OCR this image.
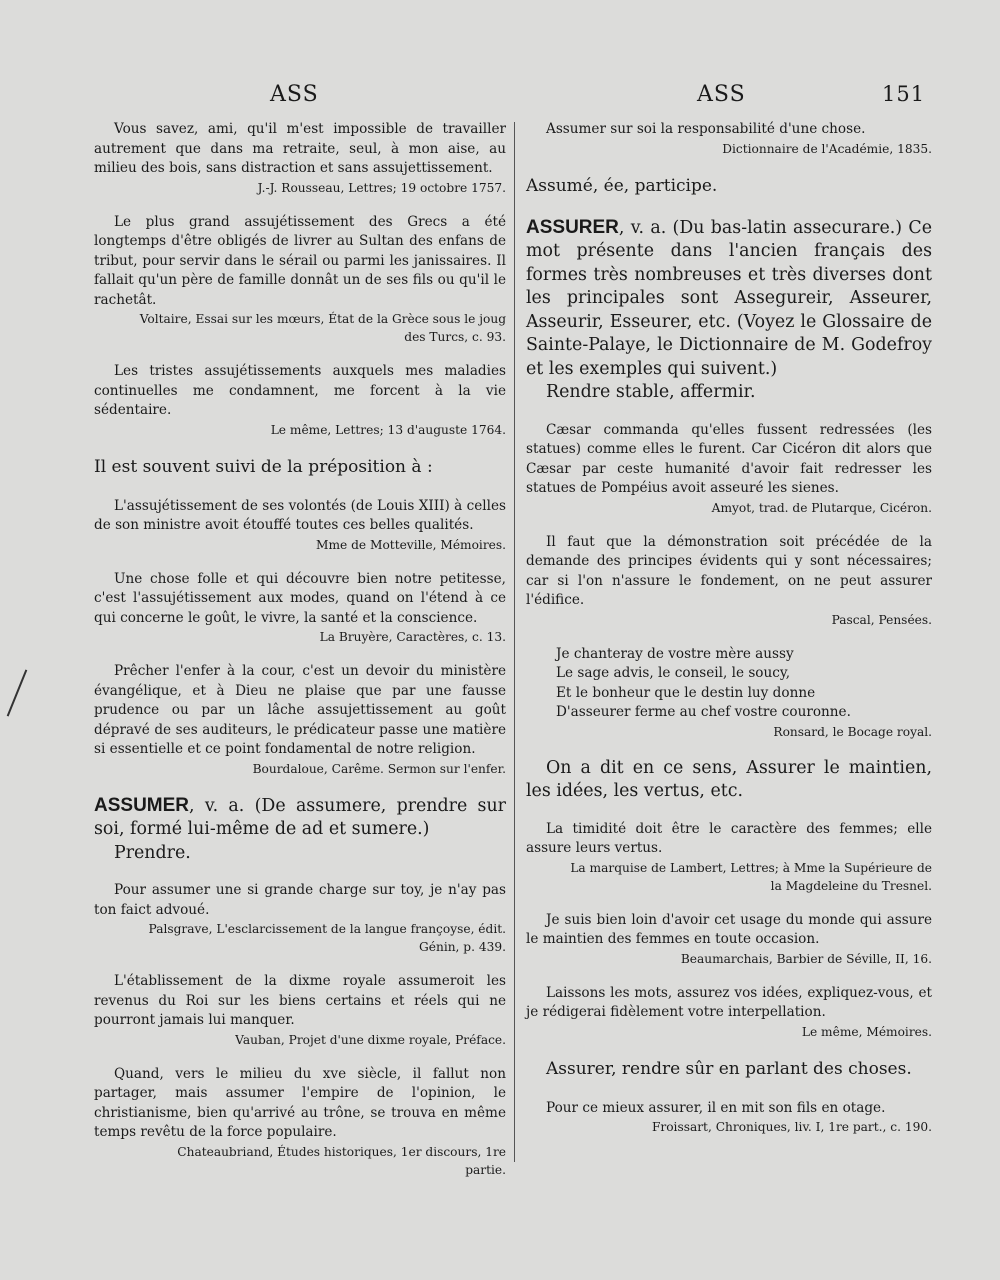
ASS	ASS	151

Vous savez, ami, qu'il m'est impossible de travailler autrement que dans ma retraite, seul, à mon aise, au milieu des bois, sans distraction et sans assujettissement.

J.-J. Rousseau, Lettres; 19 octobre 1757.

Le plus grand assujétissement des Grecs a été longtemps d'être obligés de livrer au Sultan des enfans de tribut, pour servir dans le sérail ou parmi les janissaires. Il fallait qu'un père de famille donnât un de ses fils ou qu'il le rachetât.

Voltaire, Essai sur les mœurs, État de la Grèce sous le joug des Turcs, c. 93.

Les tristes assujétissements auxquels mes maladies continuelles me condamnent, me forcent à la vie sédentaire.

Le même, Lettres; 13 d'auguste 1764.

Il est souvent suivi de la préposition à :

L'assujétissement de ses volontés (de Louis XIII) à celles de son ministre avoit étouffé toutes ces belles qualités.

Mme de Motteville, Mémoires.

Une chose folle et qui découvre bien notre petitesse, c'est l'assujétissement aux modes, quand on l'étend à ce qui concerne le goût, le vivre, la santé et la conscience.

La Bruyère, Caractères, c. 13.

Prêcher l'enfer à la cour, c'est un devoir du ministère évangélique, et à Dieu ne plaise que par une fausse prudence ou par un lâche assujettissement au goût dépravé de ses auditeurs, le prédicateur passe une matière si essentielle et ce point fondamental de notre religion.

Bourdaloue, Carême. Sermon sur l'enfer.

ASSUMER, v. a. (De assumere, prendre sur soi, formé lui-même de ad et sumere.)

Prendre.

Pour assumer une si grande charge sur toy, je n'ay pas ton faict advoué.

Palsgrave, L'esclarcissement de la langue françoyse, édit. Génin, p. 439.

L'établissement de la dixme royale assumeroit les revenus du Roi sur les biens certains et réels qui ne pourront jamais lui manquer.

Vauban, Projet d'une dixme royale, Préface.

Quand, vers le milieu du xve siècle, il fallut non partager, mais assumer l'empire de l'opinion, le christianisme, bien qu'arrivé au trône, se trouva en même temps revêtu de la force populaire.

Chateaubriand, Études historiques, 1er discours, 1re partie.

Assumer sur soi la responsabilité d'une chose.

Dictionnaire de l'Académie, 1835.

Assumé, ée, participe.

ASSURER, v. a. (Du bas-latin assecurare.) Ce mot présente dans l'ancien français des formes très nombreuses et très diverses dont les principales sont Assegureir, Asseurer, Asseurir, Esseurer, etc. (Voyez le Glossaire de Sainte-Palaye, le Dictionnaire de M. Godefroy et les exemples qui suivent.)

Rendre stable, affermir.

Cæsar commanda qu'elles fussent redressées (les statues) comme elles le furent. Car Cicéron dit alors que Cæsar par ceste humanité d'avoir fait redresser les statues de Pompéius avoit asseuré les sienes.

Amyot, trad. de Plutarque, Cicéron.

Il faut que la démonstration soit précédée de la demande des principes évidents qui y sont nécessaires; car si l'on n'assure le fondement, on ne peut assurer l'édifice.

Pascal, Pensées.

Je chanteray de vostre mère aussy

Le sage advis, le conseil, le soucy,

Et le bonheur que le destin luy donne

D'asseurer ferme au chef vostre couronne.

Ronsard, le Bocage royal.

On a dit en ce sens, Assurer le maintien, les idées, les vertus, etc.

La timidité doit être le caractère des femmes; elle assure leurs vertus.

La marquise de Lambert, Lettres; à Mme la Supérieure de la Magdeleine du Tresnel.

Je suis bien loin d'avoir cet usage du monde qui assure le maintien des femmes en toute occasion.

Beaumarchais, Barbier de Séville, II, 16.

Laissons les mots, assurez vos idées, expliquez-vous, et je rédigerai fidèlement votre interpellation.

Le même, Mémoires.

Assurer, rendre sûr en parlant des choses.

Pour ce mieux assurer, il en mit son fils en otage.

Froissart, Chroniques, liv. I, 1re part., c. 190.
